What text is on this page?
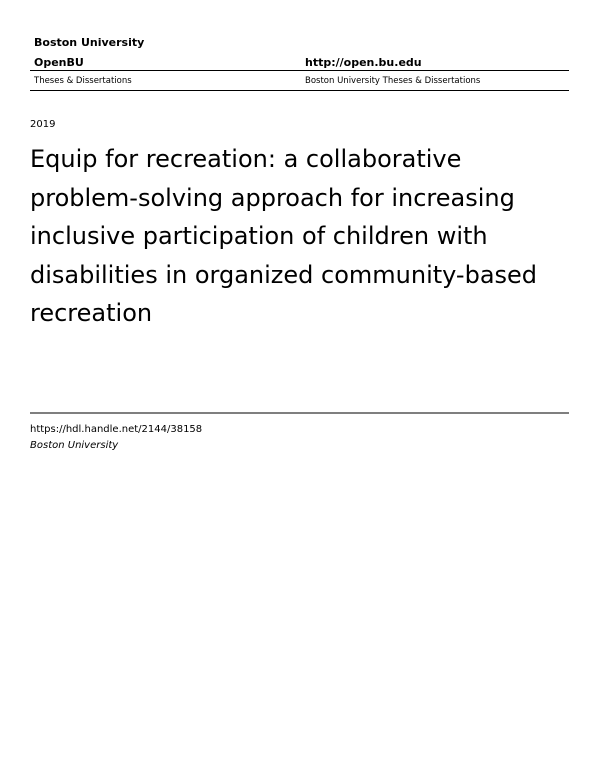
Boston University
OpenBU	http://open.bu.edu
Theses & Dissertations	Boston University Theses & Dissertations
2019
Equip for recreation: a collaborative problem-solving approach for increasing inclusive participation of children with disabilities in organized community-based recreation
https://hdl.handle.net/2144/38158
Boston University
